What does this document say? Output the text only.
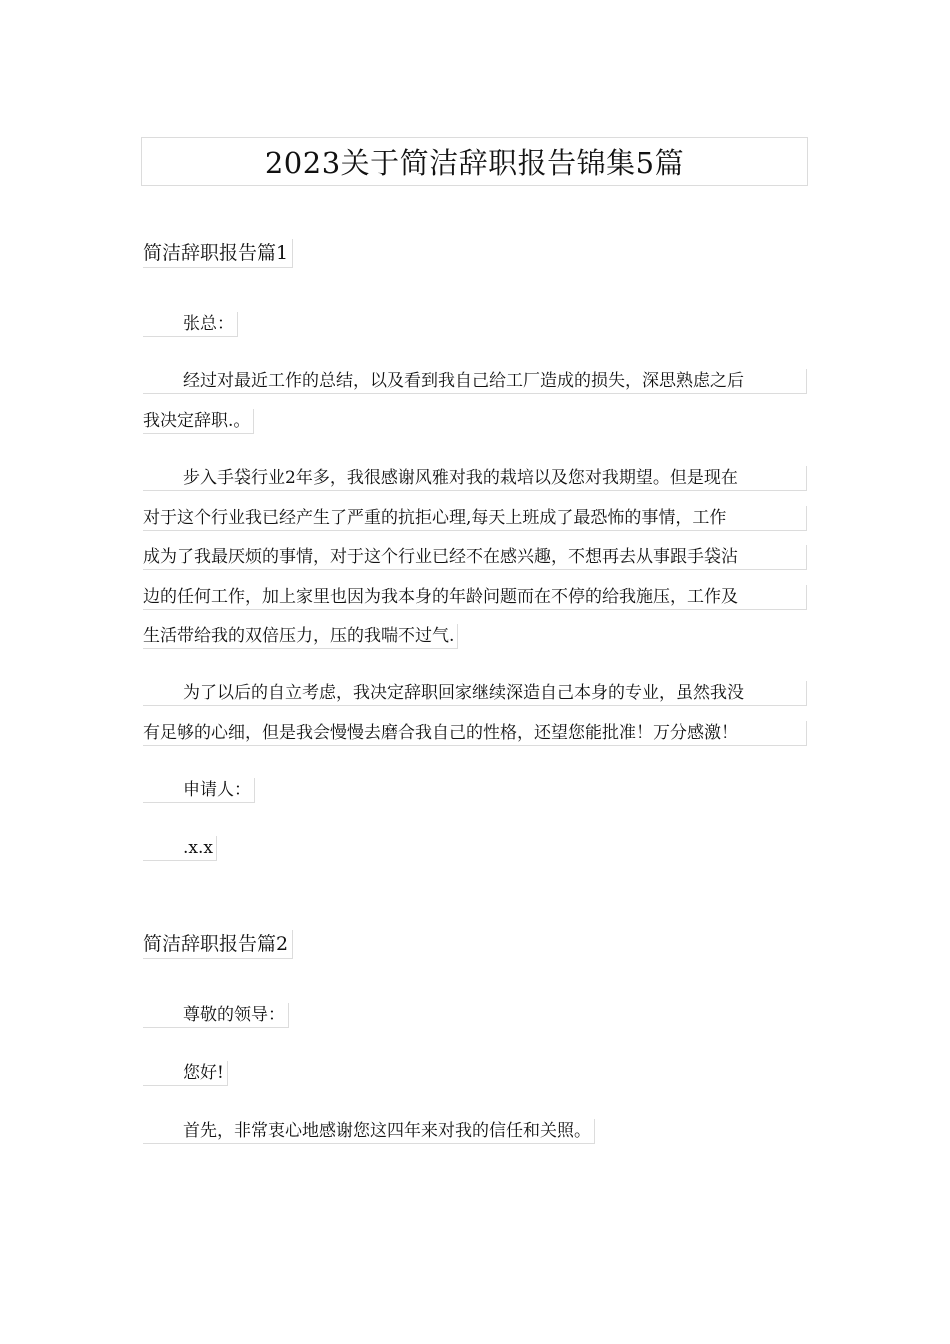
2023关于简洁辞职报告锦集5篇
简洁辞职报告篇1
张总：
经过对最近工作的总结，以及看到我自己给工厂造成的损失，深思熟虑之后
我决定辞职.。
步入手袋行业2年多，我很感谢风雅对我的栽培以及您对我期望。但是现在
对于这个行业我已经产生了严重的抗拒心理,每天上班成了最恐怖的事情，工作
成为了我最厌烦的事情，对于这个行业已经不在感兴趣，不想再去从事跟手袋沾
边的任何工作，加上家里也因为我本身的年龄问题而在不停的给我施压，工作及
生活带给我的双倍压力，压的我喘不过气.
为了以后的自立考虑，我决定辞职回家继续深造自己本身的专业，虽然我没
有足够的心细，但是我会慢慢去磨合我自己的性格，还望您能批准！万分感激！
申请人：
.x.x
简洁辞职报告篇2
尊敬的领导：
您好!
首先，非常衷心地感谢您这四年来对我的信任和关照。
